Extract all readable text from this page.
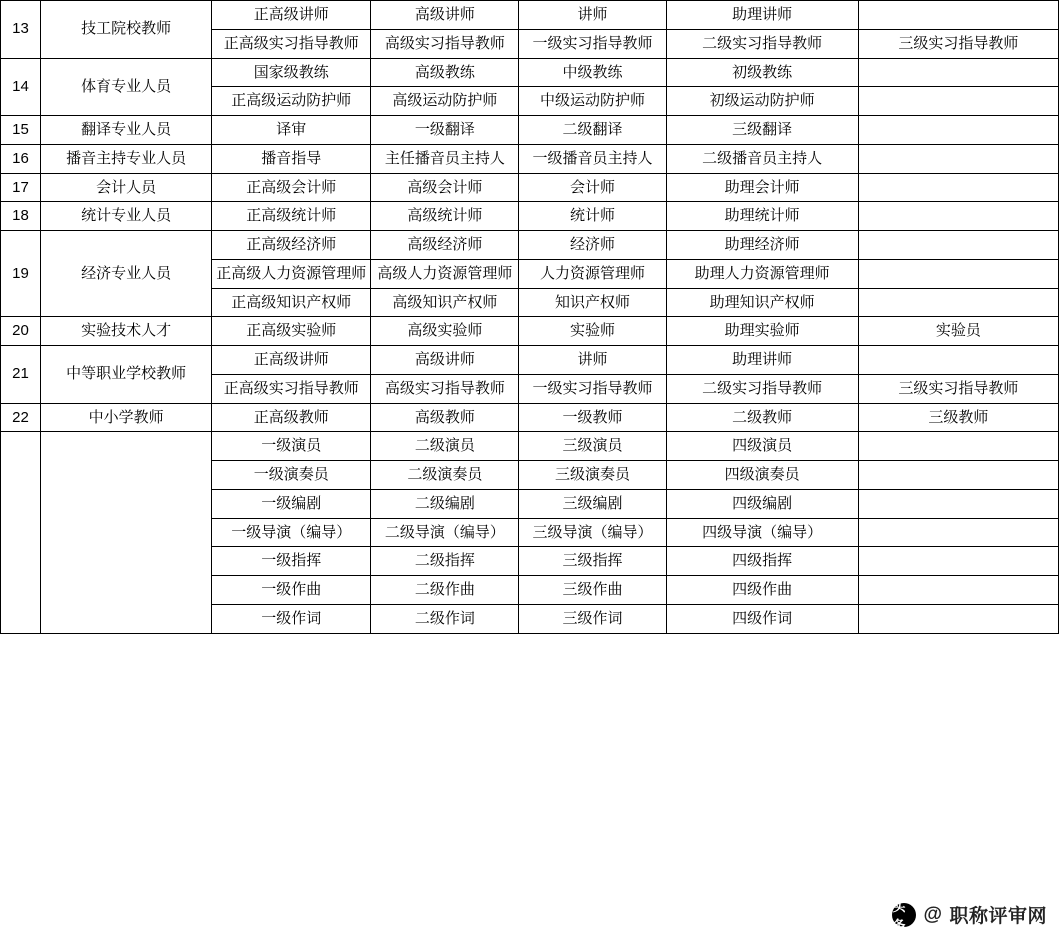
13	技工院校教师	正高级讲师	高级讲师	讲师	助理讲师	
		正高级实习指导教师	高级实习指导教师	一级实习指导教师	二级实习指导教师	三级实习指导教师
14	体育专业人员	国家级教练	高级教练	中级教练	初级教练	
		正高级运动防护师	高级运动防护师	中级运动防护师	初级运动防护师	
15	翻译专业人员	译审	一级翻译	二级翻译	三级翻译	
16	播音主持专业人员	播音指导	主任播音员主持人	一级播音员主持人	二级播音员主持人	
17	会计人员	正高级会计师	高级会计师	会计师	助理会计师	
18	统计专业人员	正高级统计师	高级统计师	统计师	助理统计师	
19	经济专业人员	正高级经济师	高级经济师	经济师	助理经济师	
		正高级人力资源管理师	高级人力资源管理师	人力资源管理师	助理人力资源管理师	
		正高级知识产权师	高级知识产权师	知识产权师	助理知识产权师	
20	实验技术人才	正高级实验师	高级实验师	实验师	助理实验师	实验员
21	中等职业学校教师	正高级讲师	高级讲师	讲师	助理讲师	
		正高级实习指导教师	高级实习指导教师	一级实习指导教师	二级实习指导教师	三级实习指导教师
22	中小学教师	正高级教师	高级教师	一级教师	二级教师	三级教师
		一级演员	二级演员	三级演员	四级演员	
		一级演奏员	二级演奏员	三级演奏员	四级演奏员	
		一级编剧	二级编剧	三级编剧	四级编剧	
		一级导演（编导）	二级导演（编导）	三级导演（编导）	四级导演（编导）	
		一级指挥	二级指挥	三级指挥	四级指挥	
		一级作曲	二级作曲	三级作曲	四级作曲	
		一级作词	二级作词	三级作词	四级作词	
头条
@ 职称评审网
